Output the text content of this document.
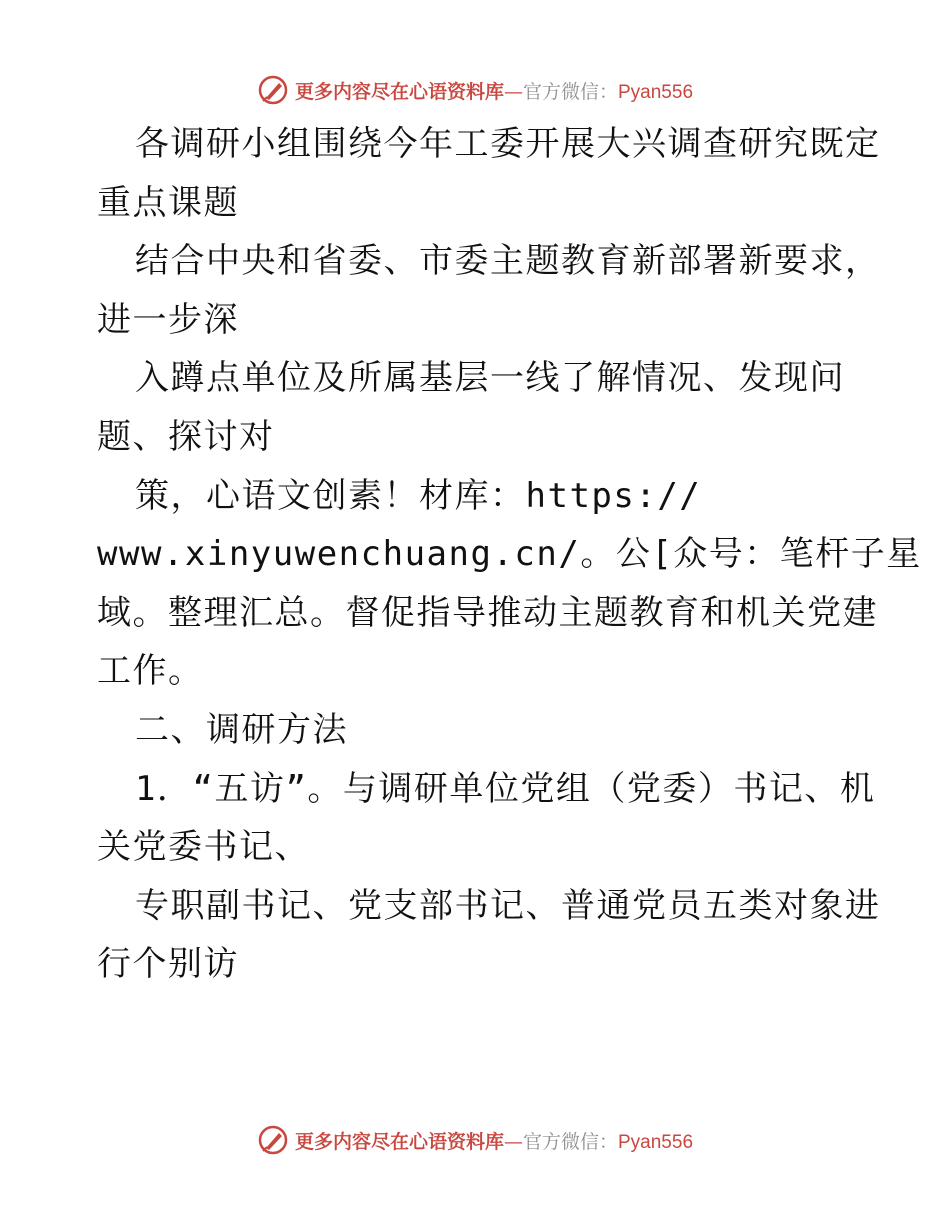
更多内容尽在心语资料库—官方微信：Pyan556
各调研小组围绕今年工委开展大兴调查研究既定
重点课题
结合中央和省委、市委主题教育新部署新要求，
进一步深
入蹲点单位及所属基层一线了解情况、发现问
题、探讨对
策，心语文创素！材库：https://
www.xinyuwenchuang.cn/。公[众号：笔杆子星
域。整理汇总。督促指导推动主题教育和机关党建
工作。
二、调研方法
1．“五访”。与调研单位党组（党委）书记、机
关党委书记、
专职副书记、党支部书记、普通党员五类对象进
行个别访
更多内容尽在心语资料库—官方微信：Pyan556
